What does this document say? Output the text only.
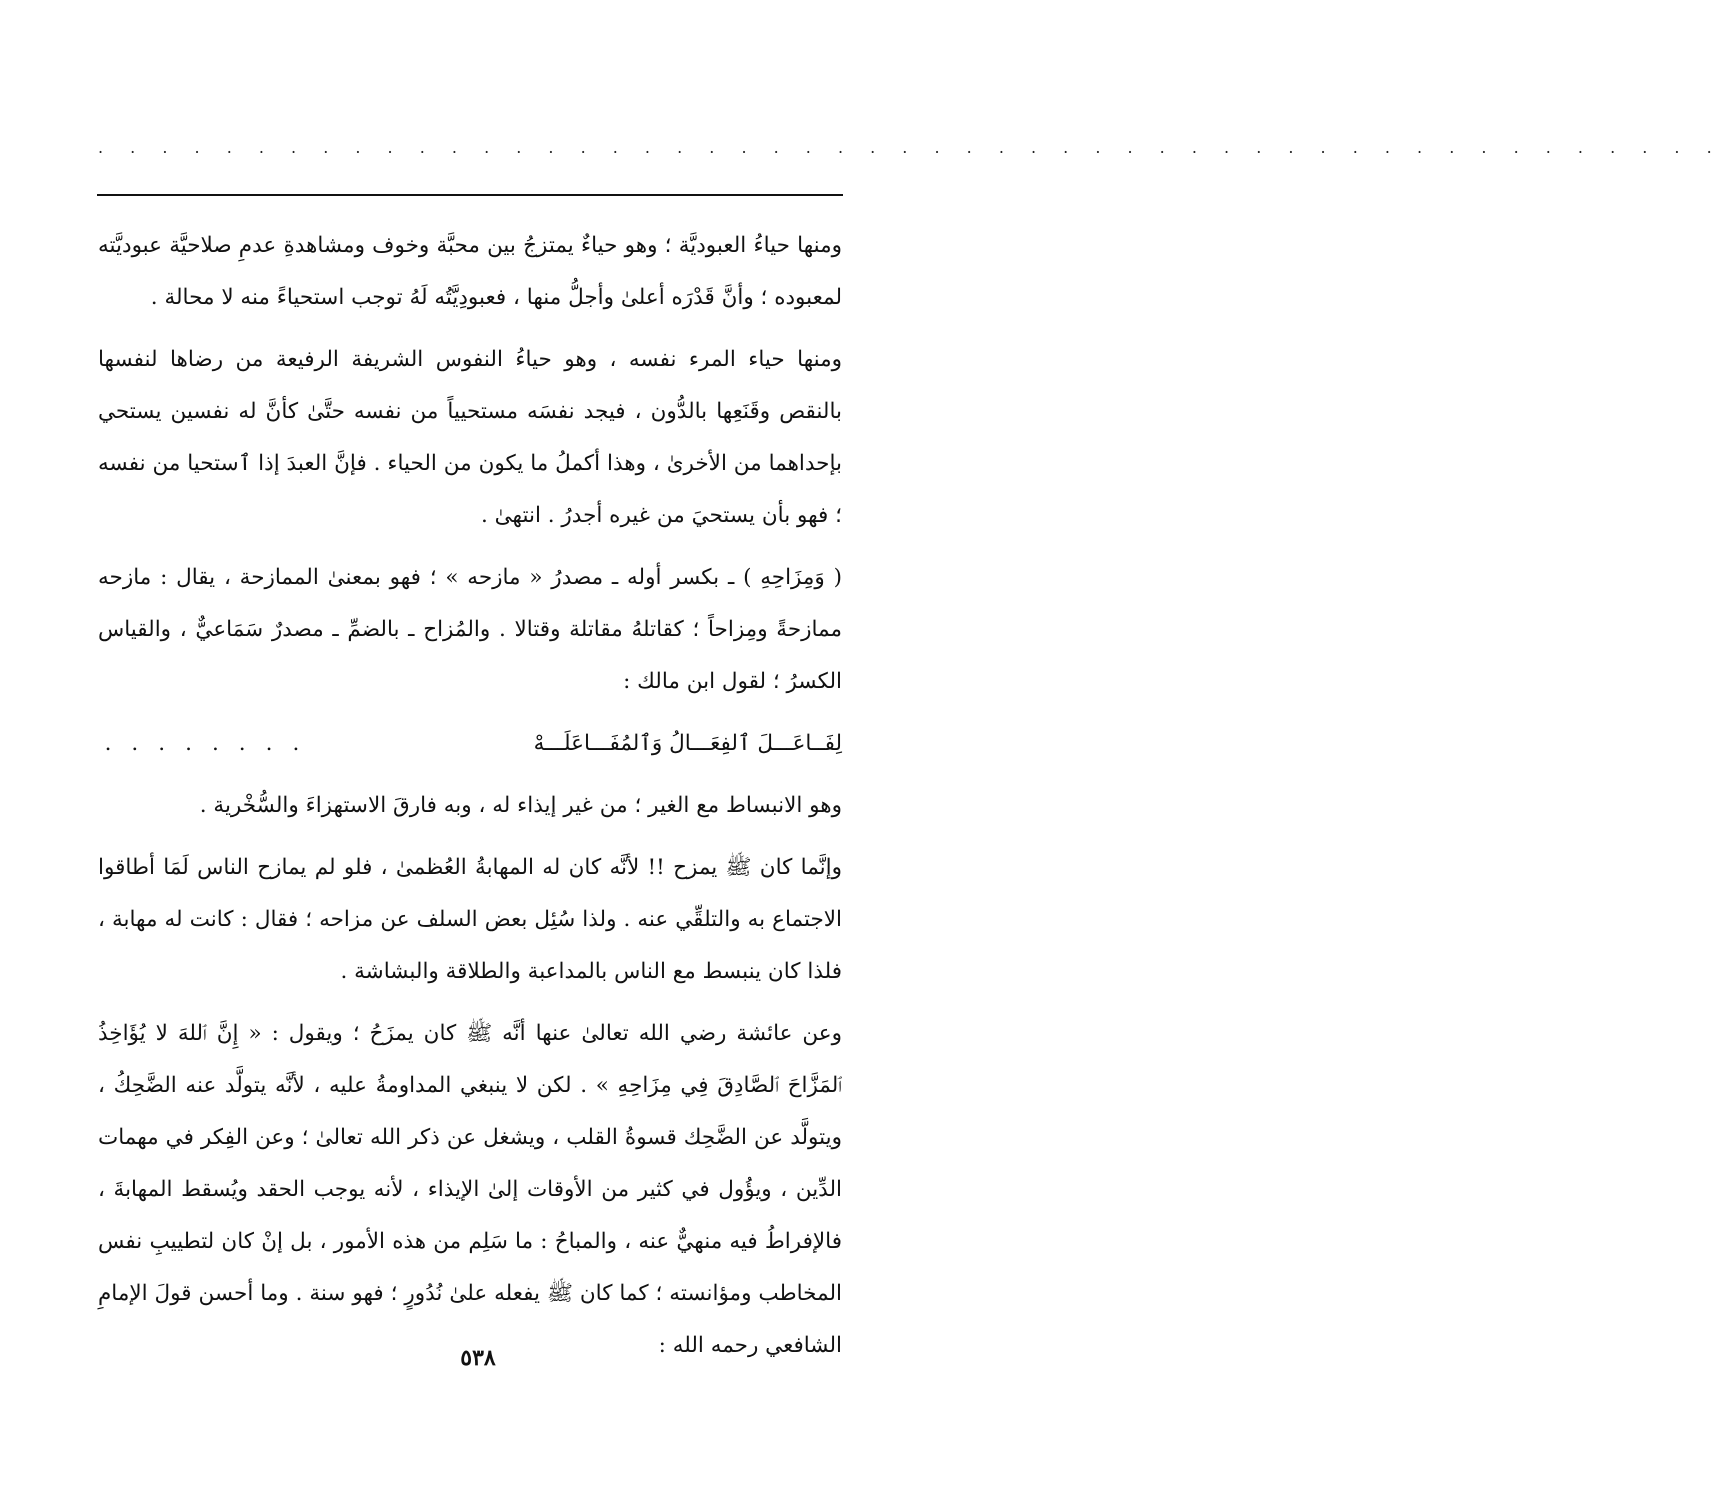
. . . . . . . . . . . . . . . . . . . . . . . . . . . . . . . . . . . . . . . . . . . . . . . . . . .

ومنها حياءُ العبوديَّة ؛ وهو حياءٌ يمتزجُ بين محبَّة وخوف ومشاهدةِ عدمِ صلاحيَّة عبوديَّته لمعبوده ؛ وأنَّ قَدْرَه أعلىٰ وأجلُّ منها ، فعبودِيَّتُه لَهُ توجب استحياءً منه لا محالة .

ومنها حياء المرء نفسه ، وهو حياءُ النفوس الشريفة الرفيعة من رضاها لنفسها بالنقص وقَنَعِها بالدُّون ، فيجد نفسَه مستحيياً من نفسه حتَّىٰ كأنَّ له نفسين يستحي بإحداهما من الأخرىٰ ، وهذا أكملُ ما يكون من الحياء . فإنَّ العبدَ إذا ٱستحيا من نفسه ؛ فهو بأن يستحيَ من غيره أجدرُ . انتهىٰ .

( وَمِزَاحِهِ ) ـ بكسر أوله ـ مصدرُ « مازحه » ؛ فهو بمعنىٰ الممازحة ، يقال : مازحه ممازحةً ومِزاحاً ؛ كقاتلهُ مقاتلة وقتالا . والمُزاح ـ بالضمِّ ـ مصدرٌ سَمَاعيٌّ ، والقياس الكسرُ ؛ لقول ابن مالك :

لِفَــاعَـــلَ ٱلفِعَـــالُ وَٱلمُفَـــاعَلَـــهْ
. . . . . . . .

وهو الانبساط مع الغير ؛ من غير إيذاء له ، وبه فارقَ الاستهزاءَ والسُّخْرية .

وإنَّما كان ﷺ يمزح !! لأنَّه كان له المهابةُ العُظمىٰ ، فلو لم يمازح الناس لَمَا أطاقوا الاجتماع به والتلقِّي عنه . ولذا سُئِل بعض السلف عن مزاحه ؛ فقال : كانت له مهابة ، فلذا كان ينبسط مع الناس بالمداعبة والطلاقة والبشاشة .

وعن عائشة رضي الله تعالىٰ عنها أنَّه ﷺ كان يمزَحُ ؛ ويقول : « إِنَّ ٱللهَ لا يُؤَاخِذُ ٱلمَزَّاحَ ٱلصَّادِقَ فِي مِزَاحِهِ » . لكن لا ينبغي المداومةُ عليه ، لأنَّه يتولَّد عنه الضَّحِكُ ، ويتولَّد عن الضَّحِك قسوةُ القلب ، ويشغل عن ذكر الله تعالىٰ ؛ وعن الفِكر في مهمات الدِّين ، ويؤُول في كثير من الأوقات إلىٰ الإيذاء ، لأنه يوجب الحقد ويُسقط المهابةَ ، فالإفراطُ فيه منهيٌّ عنه ، والمباحُ : ما سَلِم من هذه الأمور ، بل إنْ كان لتطييبِ نفس المخاطب ومؤانسته ؛ كما كان ﷺ يفعله علىٰ نُدُورٍ ؛ فهو سنة . وما أحسن قولَ الإمامِ الشافعي رحمه الله :

٥٣٨
